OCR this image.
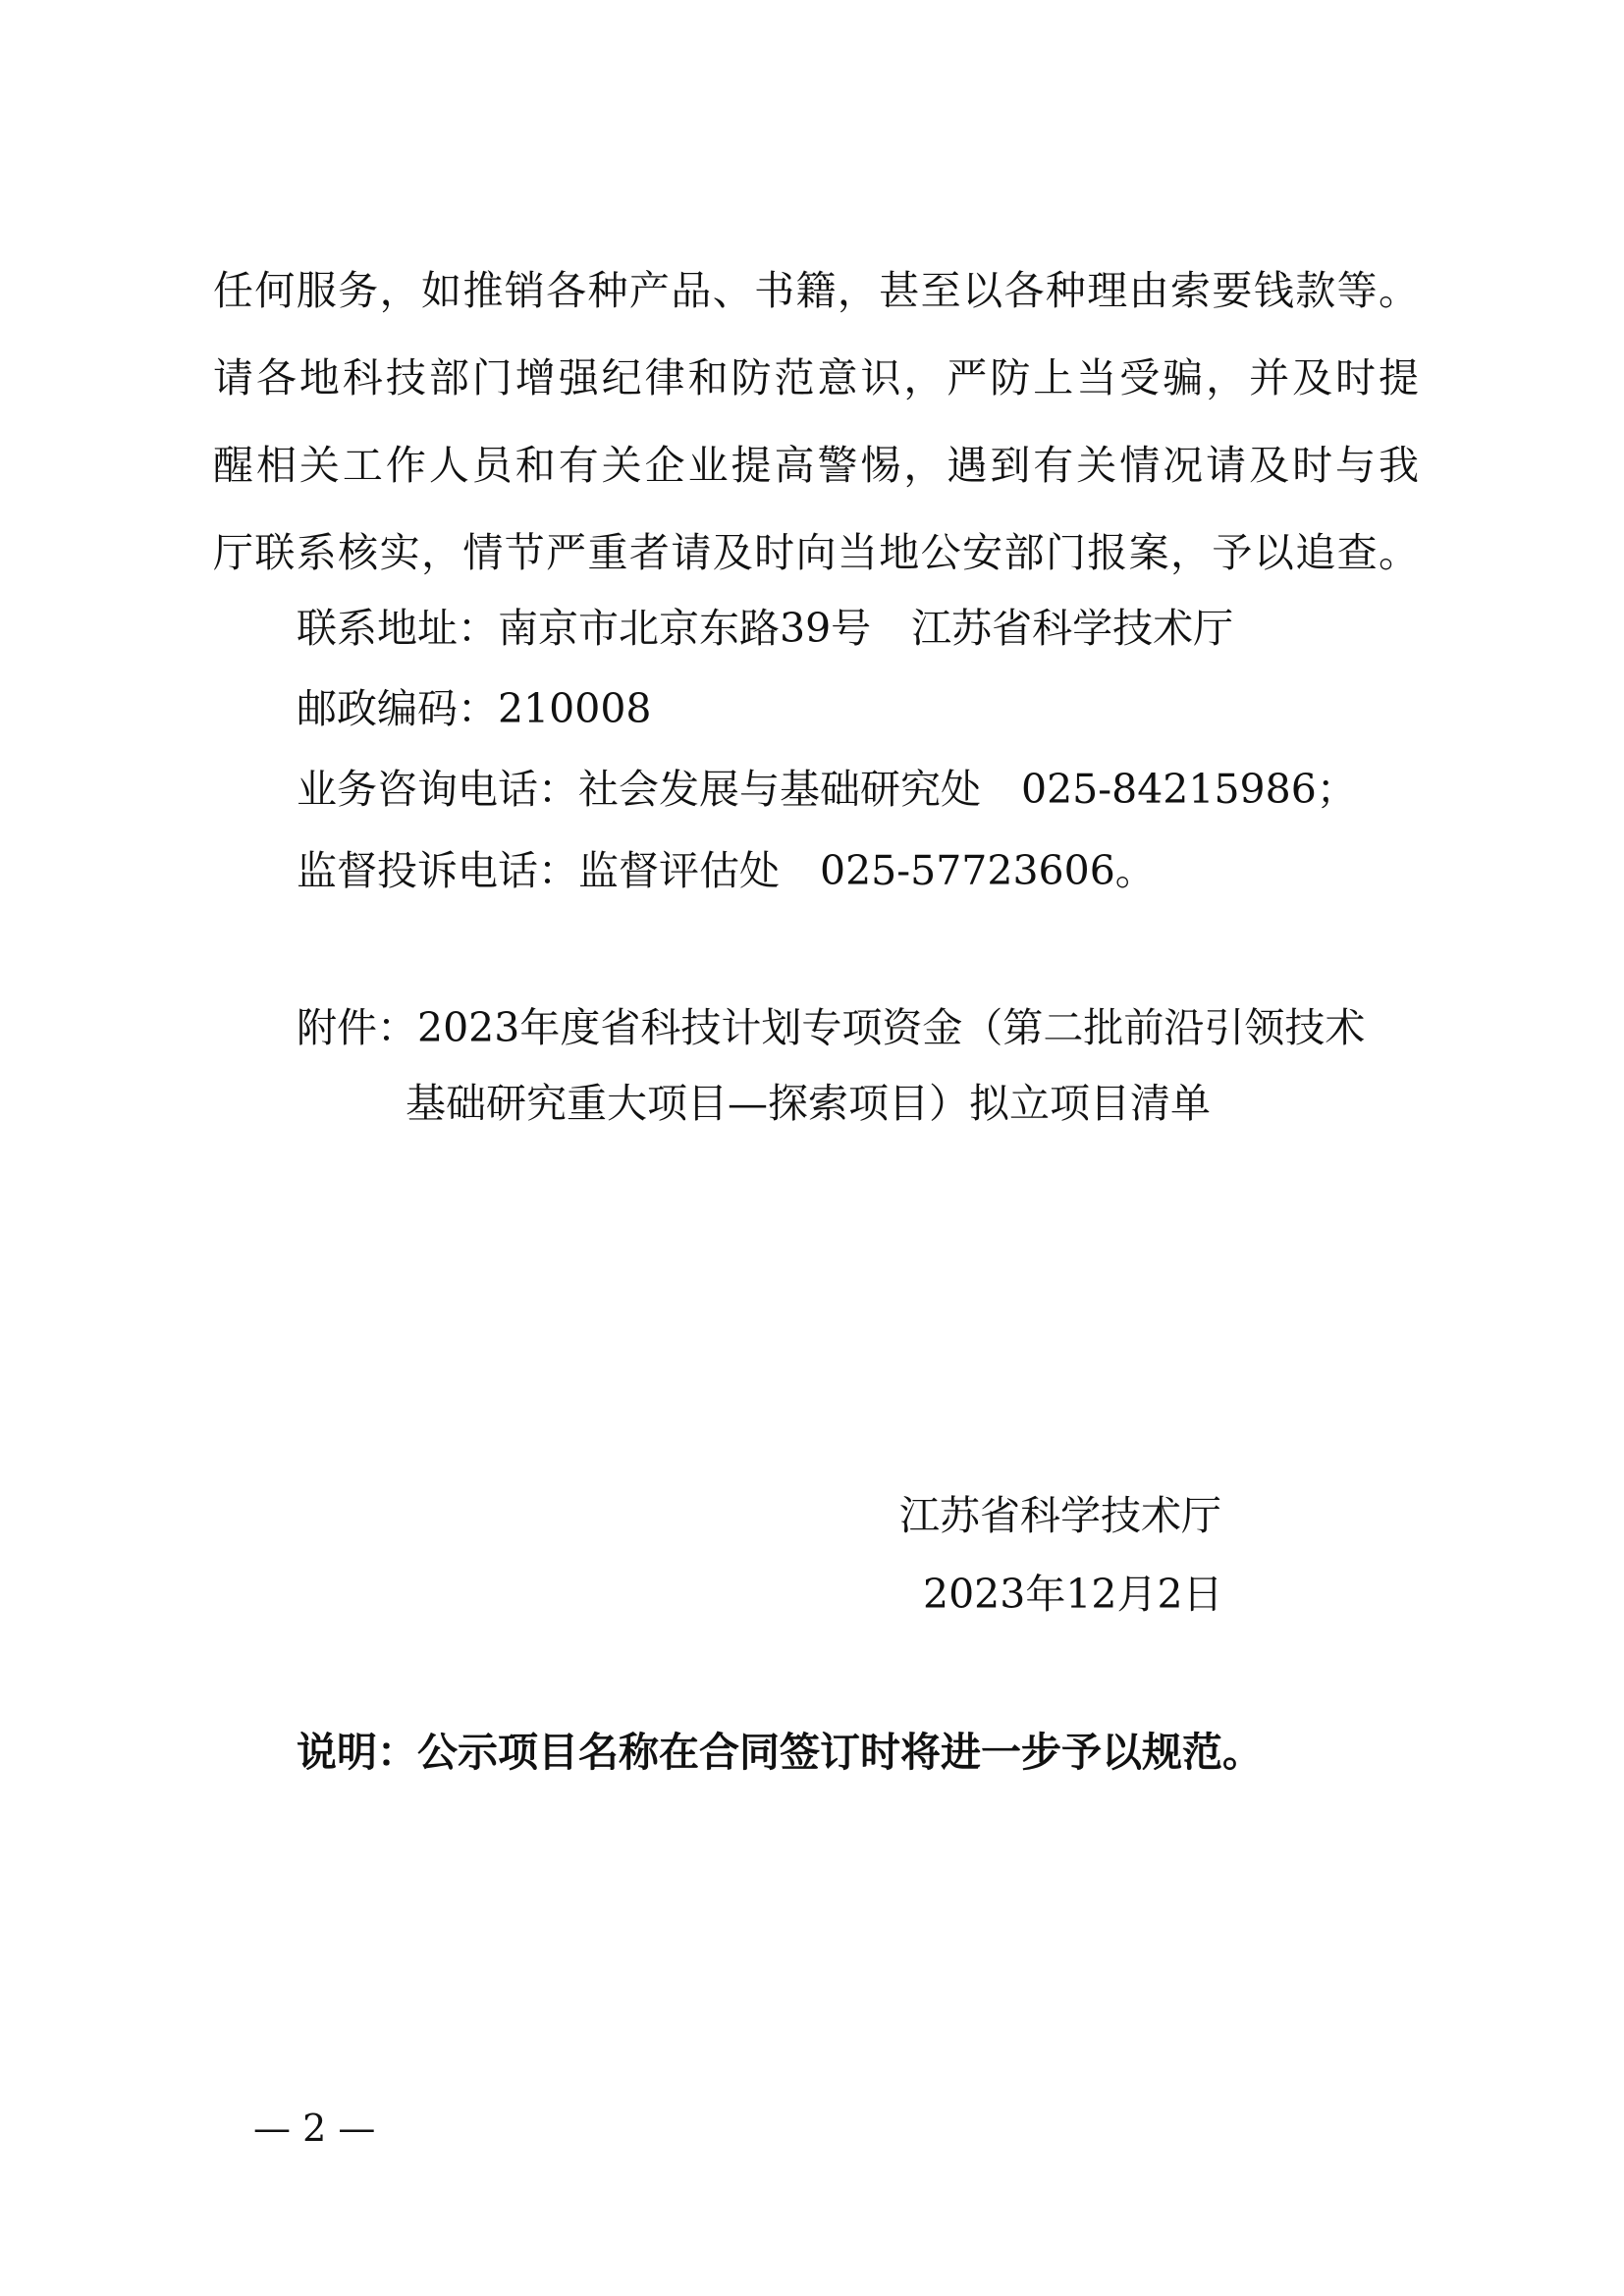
任何服务，如推销各种产品、书籍，甚至以各种理由索要钱款等。
请各地科技部门增强纪律和防范意识，严防上当受骗，并及时提
醒相关工作人员和有关企业提高警惕，遇到有关情况请及时与我
厅联系核实，情节严重者请及时向当地公安部门报案，予以追查。
联系地址：南京市北京东路39号　江苏省科学技术厅
邮政编码：210008
业务咨询电话：社会发展与基础研究处　025-84215986；
监督投诉电话：监督评估处　025-57723606。
附件：2023年度省科技计划专项资金（第二批前沿引领技术
基础研究重大项目—探索项目）拟立项目清单
江苏省科学技术厅
2023年12月2日
说明：公示项目名称在合同签订时将进一步予以规范。
— 2 —
